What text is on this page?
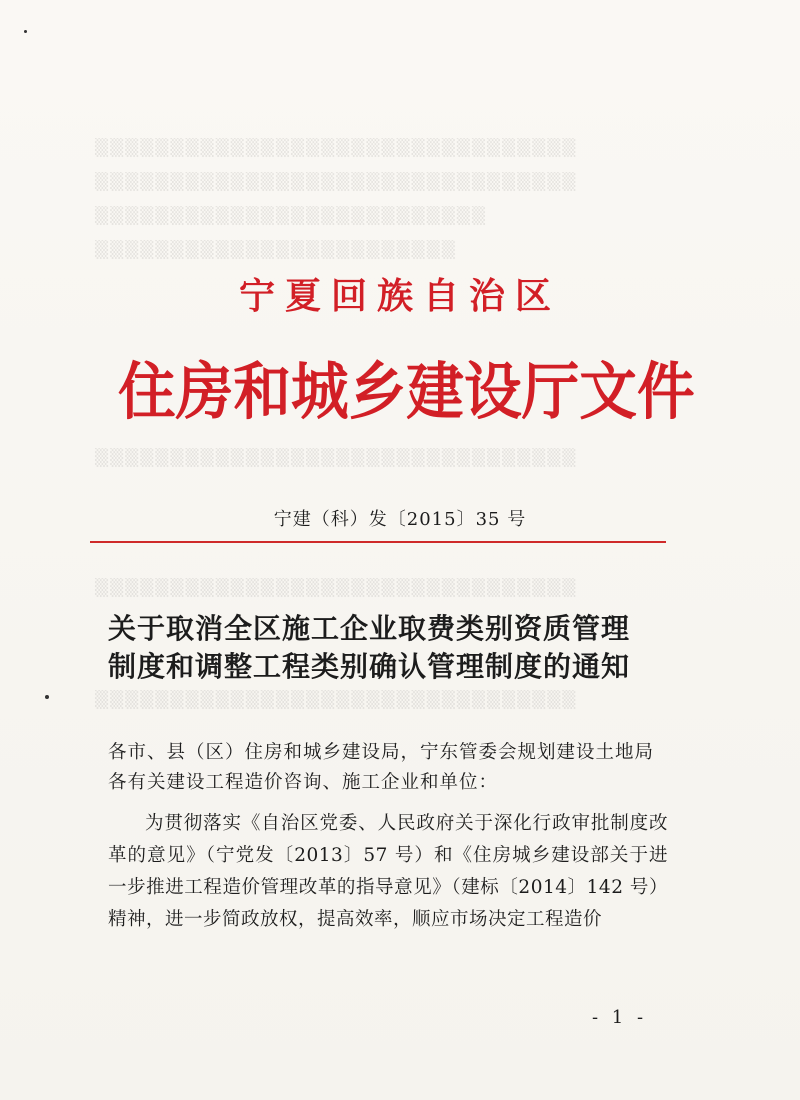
▒▒▒▒▒▒▒▒▒▒▒▒▒▒▒▒▒▒▒▒▒▒▒▒▒▒▒▒▒▒▒▒
▒▒▒▒▒▒▒▒▒▒▒▒▒▒▒▒▒▒▒▒▒▒▒▒▒▒▒▒▒▒▒▒
▒▒▒▒▒▒▒▒▒▒▒▒▒▒▒▒▒▒▒▒▒▒▒▒▒▒
▒▒▒▒▒▒▒▒▒▒▒▒▒▒▒▒▒▒▒▒▒▒▒▒
▒▒▒▒▒▒▒▒▒▒▒▒▒▒▒▒▒▒▒▒▒▒▒▒▒▒▒▒▒▒▒▒
▒▒▒▒▒▒▒▒▒▒▒▒▒▒▒▒▒▒▒▒▒▒▒▒▒▒▒▒▒▒▒▒
▒▒▒▒▒▒▒▒▒▒▒▒▒▒▒▒▒▒▒▒▒▒▒▒▒▒▒▒▒▒▒▒
宁夏回族自治区
住房和城乡建设厅文件
宁建（科）发〔2015〕35 号
关于取消全区施工企业取费类别资质管理
制度和调整工程类别确认管理制度的通知
各市、县（区）住房和城乡建设局，宁东管委会规划建设土地局
各有关建设工程造价咨询、施工企业和单位：
为贯彻落实《自治区党委、人民政府关于深化行政审批制度改革的意见》（宁党发〔2013〕57 号）和《住房城乡建设部关于进一步推进工程造价管理改革的指导意见》（建标〔2014〕142 号）精神，进一步简政放权，提高效率，顺应市场决定工程造价
- 1 -
